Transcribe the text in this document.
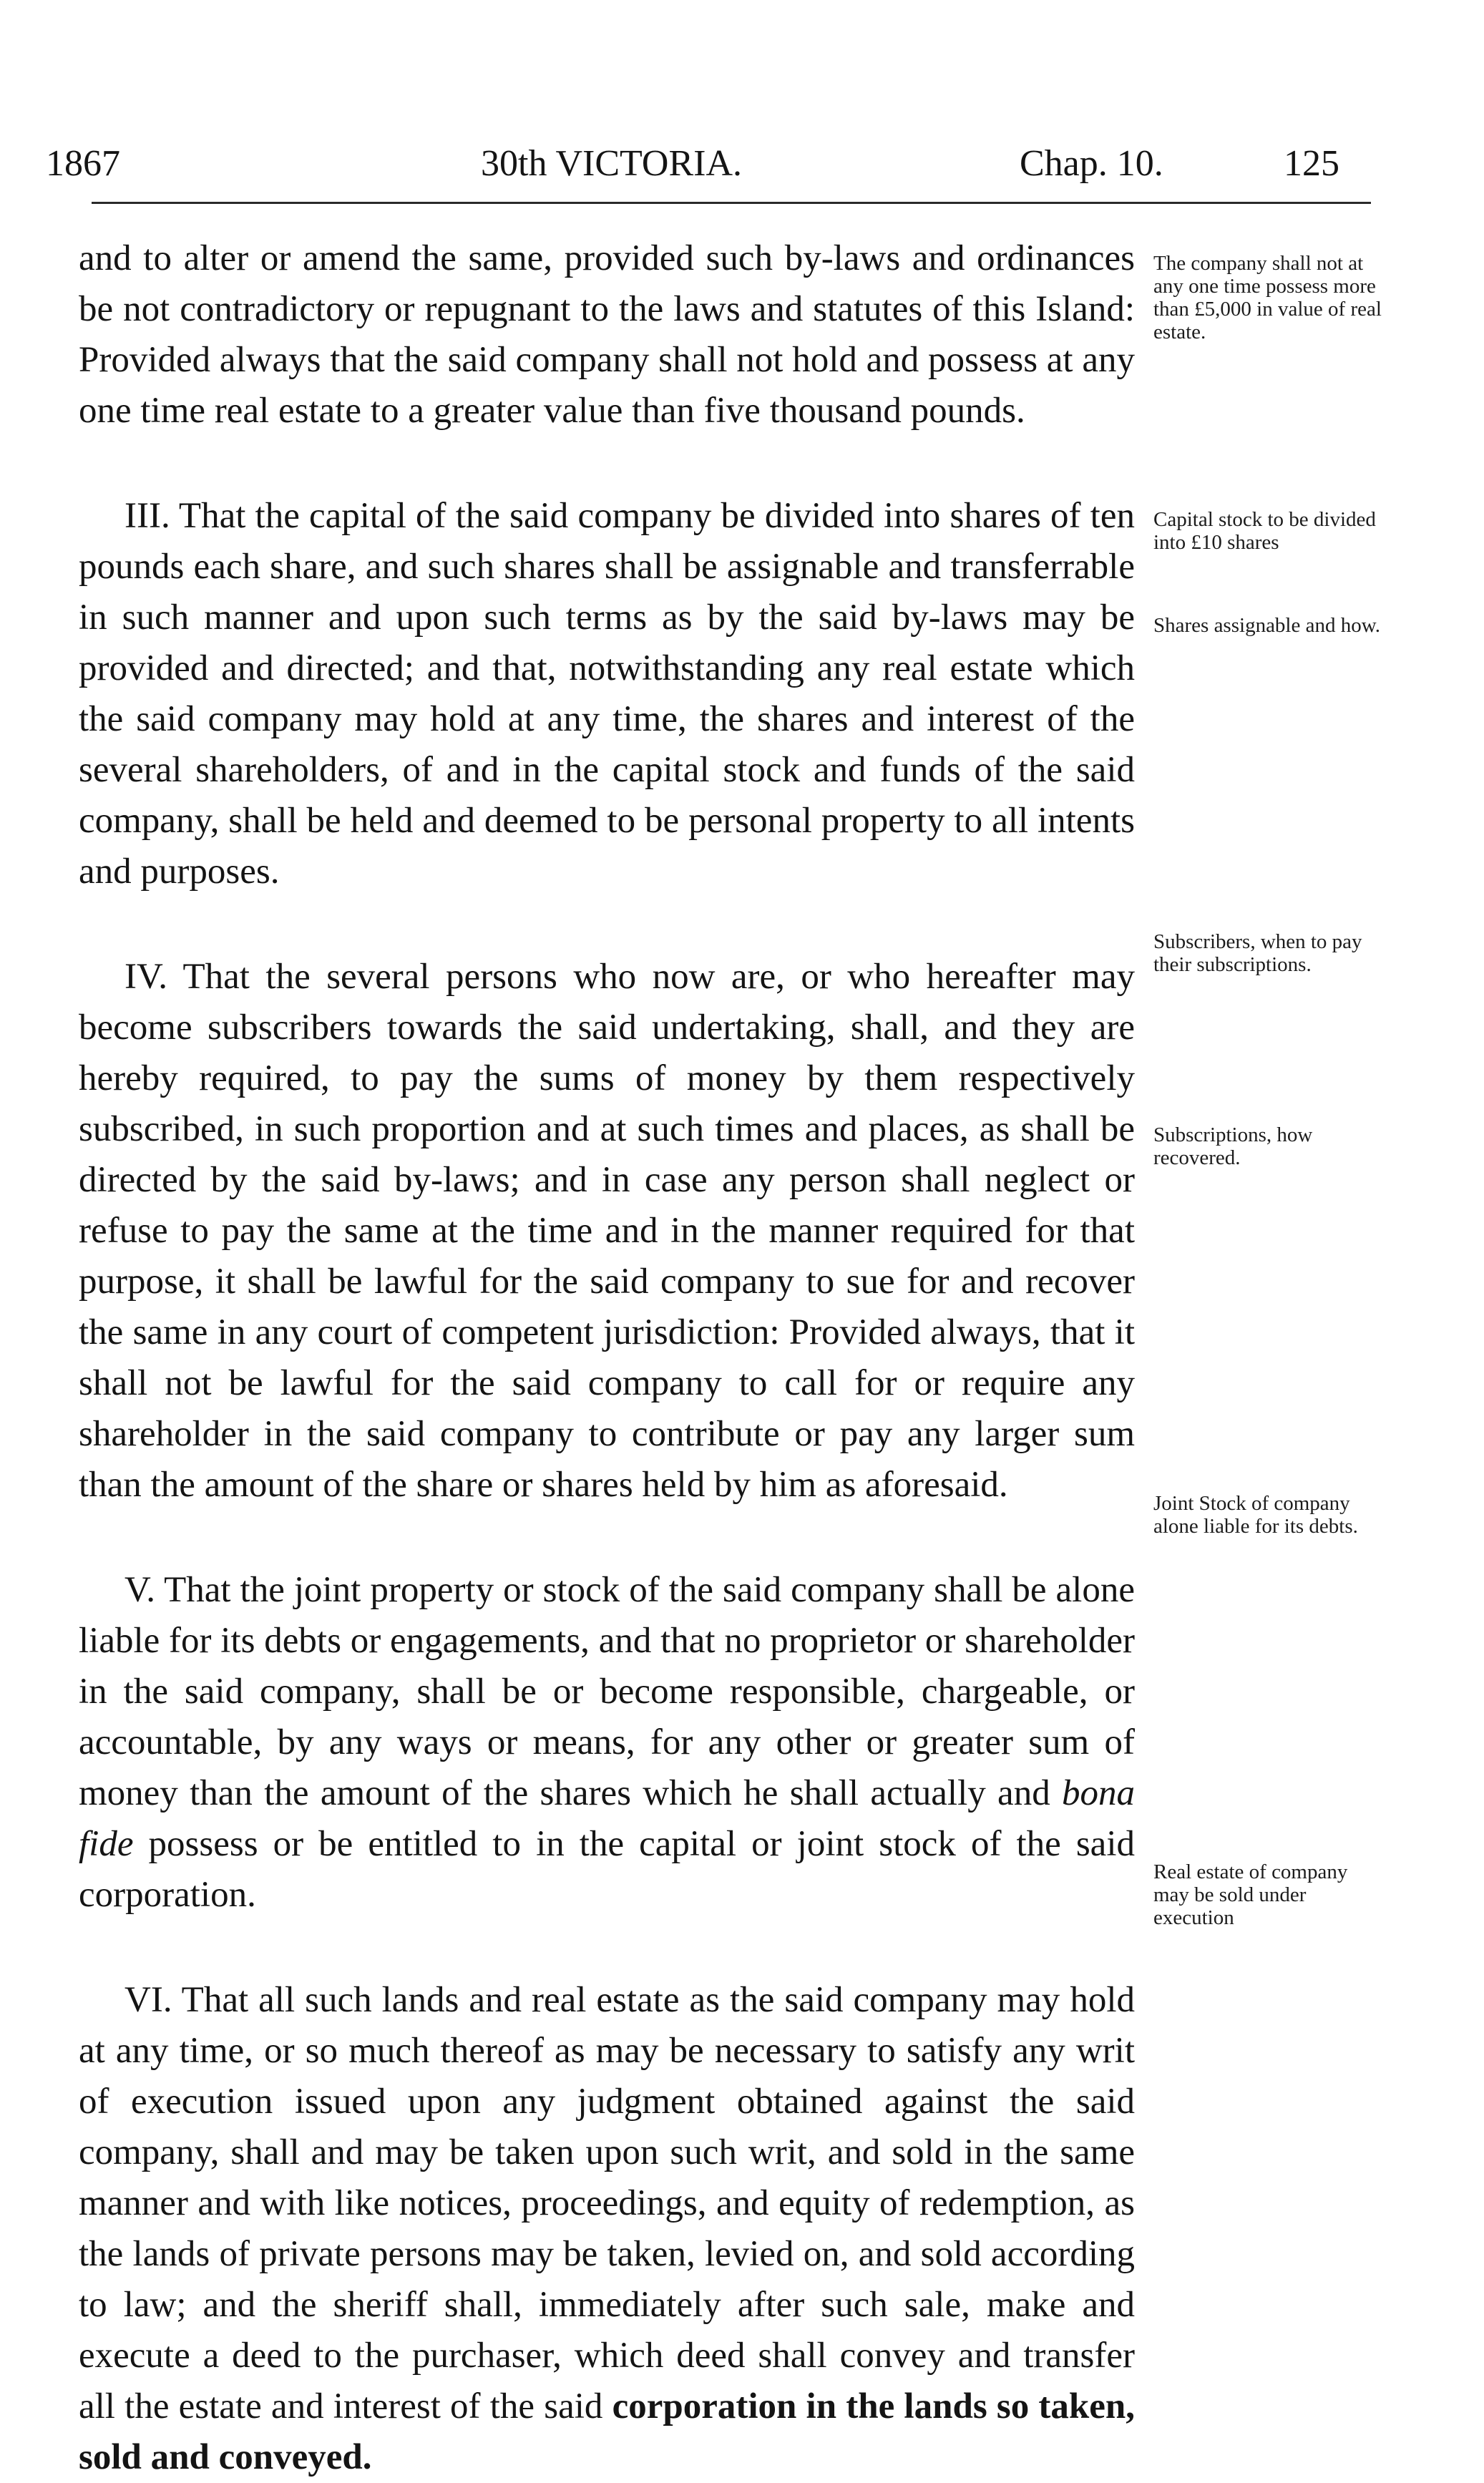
1867	30th VICTORIA.	Chap. 10.	125

and to alter or amend the same, provided such by-laws and ordinances be not contradictory or repugnant to the laws and statutes of this Island: Provided always that the said company shall not hold and possess at any one time real estate to a greater value than five thousand pounds.

III. That the capital of the said company be divided into shares of ten pounds each share, and such shares shall be assignable and transferrable in such manner and upon such terms as by the said by-laws may be provided and directed; and that, notwithstanding any real estate which the said company may hold at any time, the shares and interest of the several shareholders, of and in the capital stock and funds of the said company, shall be held and deemed to be personal property to all intents and purposes.

IV. That the several persons who now are, or who hereafter may become subscribers towards the said undertaking, shall, and they are hereby required, to pay the sums of money by them respectively subscribed, in such proportion and at such times and places, as shall be directed by the said by-laws; and in case any person shall neglect or refuse to pay the same at the time and in the manner required for that purpose, it shall be lawful for the said company to sue for and recover the same in any court of competent jurisdiction: Provided always, that it shall not be lawful for the said company to call for or require any shareholder in the said company to contribute or pay any larger sum than the amount of the share or shares held by him as aforesaid.

V. That the joint property or stock of the said company shall be alone liable for its debts or engagements, and that no proprietor or shareholder in the said company, shall be or become responsible, chargeable, or accountable, by any ways or means, for any other or greater sum of money than the amount of the shares which he shall actually and bona fide possess or be entitled to in the capital or joint stock of the said corporation.

VI. That all such lands and real estate as the said company may hold at any time, or so much thereof as may be necessary to satisfy any writ of execution issued upon any judgment obtained against the said company, shall and may be taken upon such writ, and sold in the same manner and with like notices, proceedings, and equity of redemption, as the lands of private persons may be taken, levied on, and sold according to law; and the sheriff shall, immediately after such sale, make and execute a deed to the purchaser, which deed shall convey and transfer all the estate and interest of the said corporation in the lands so taken, sold and conveyed.

The company shall not at any one time possess more than £5,000 in value of real estate.
Capital stock to be divided into £10 shares
Shares assignable and how.
Subscribers, when to pay their subscriptions.
Subscriptions, how recovered.
Joint Stock of company alone liable for its debts.
Real estate of company may be sold under execution
